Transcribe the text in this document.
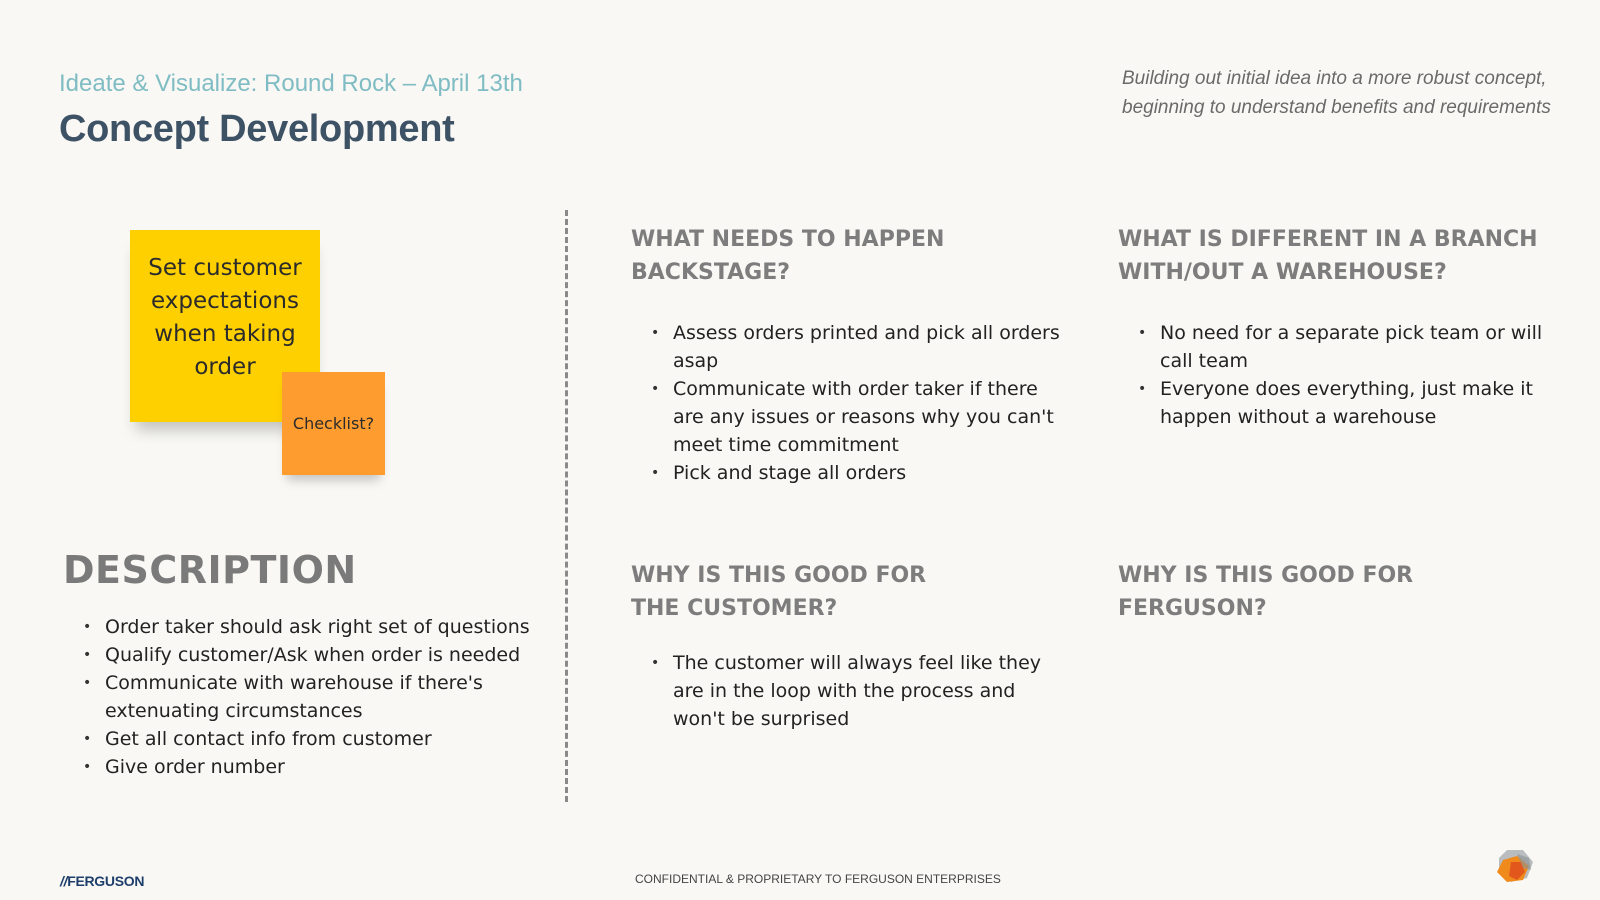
Ideate & Visualize: Round Rock – April 13th
Concept Development
Building out initial idea into a more robust concept, beginning to understand benefits and requirements
Set customer
expectations
when taking
order
Checklist?
DESCRIPTION
• Order taker should ask right set of questions
• Qualify customer/Ask when order is needed
• Communicate with warehouse if there's extenuating circumstances
• Get all contact info from customer
• Give order number
WHAT NEEDS TO HAPPEN
BACKSTAGE?
• Assess orders printed and pick all orders asap
• Communicate with order taker if there are any issues or reasons why you can't meet time commitment
• Pick and stage all orders
WHAT IS DIFFERENT IN A BRANCH
WITH/OUT A WAREHOUSE?
• No need for a separate pick team or will call team
• Everyone does everything, just make it happen without a warehouse
WHY IS THIS GOOD FOR
THE CUSTOMER?
• The customer will always feel like they are in the loop with the process and won't be surprised
WHY IS THIS GOOD FOR
FERGUSON?
//FERGUSON	CONFIDENTIAL & PROPRIETARY TO FERGUSON ENTERPRISES
